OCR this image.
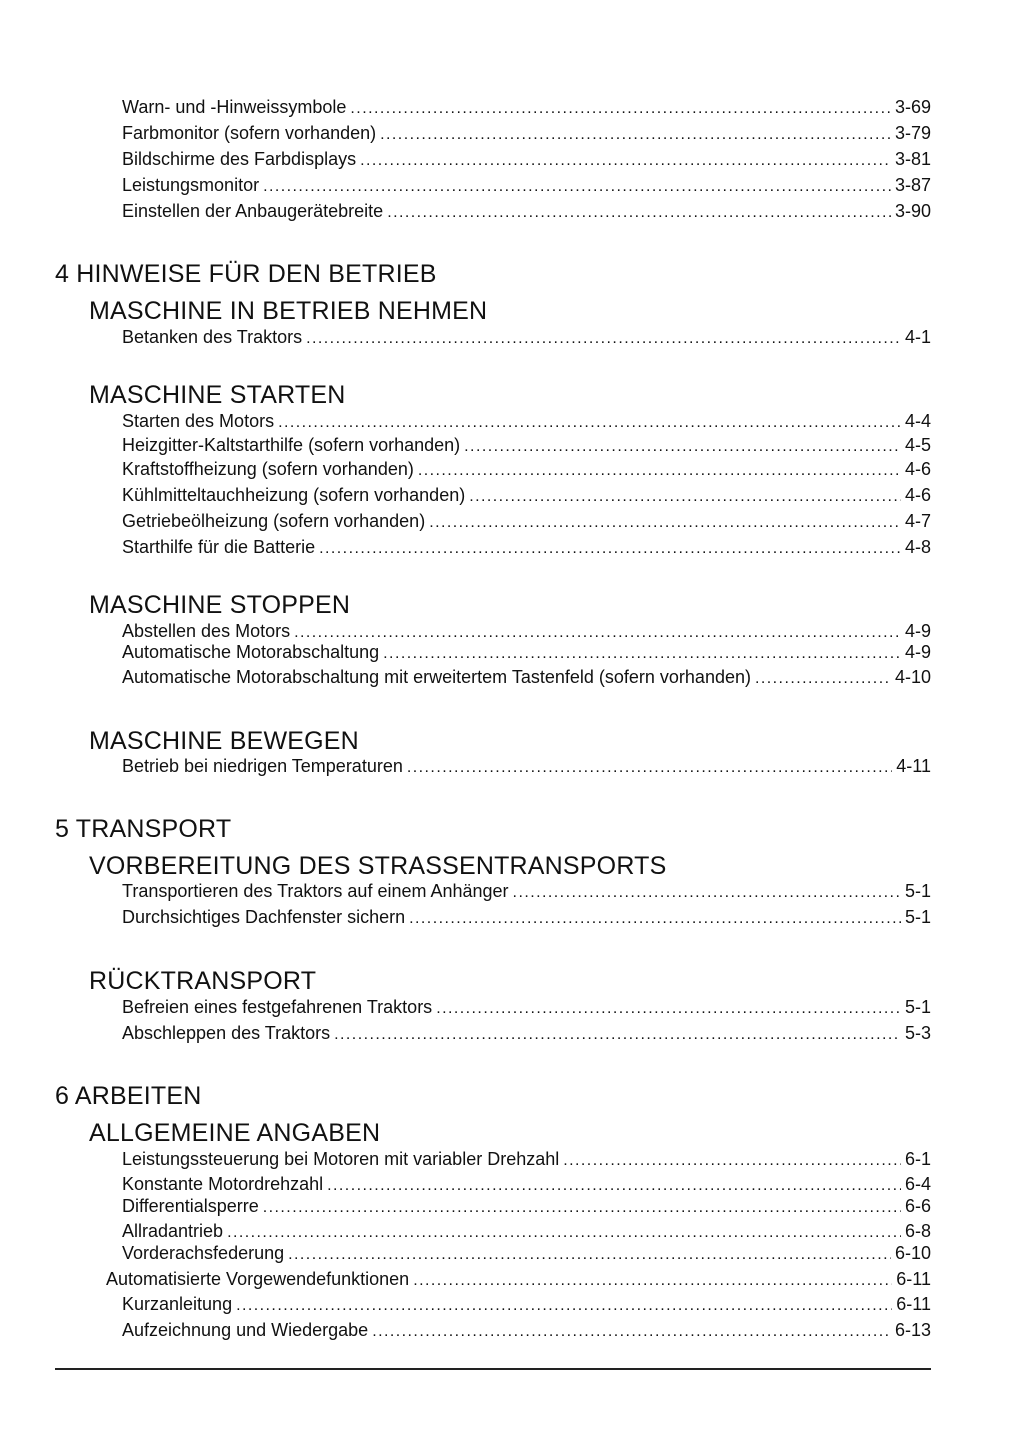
Warn- und -Hinweissymbole . . .	3-69
Farbmonitor (sofern vorhanden) . . .	3-79
Bildschirme des Farbdisplays . . .	3-81
Leistungsmonitor . . .	3-87
Einstellen der Anbaugerätebreite . . .	3-90
4 HINWEISE FÜR DEN BETRIEB
MASCHINE IN BETRIEB NEHMEN
Betanken des Traktors . . .	4-1
MASCHINE STARTEN
Starten des Motors . . .	4-4
Heizgitter-Kaltstarthilfe (sofern vorhanden) . . .	4-5
Kraftstoffheizung (sofern vorhanden) . . .	4-6
Kühlmitteltauchheizung (sofern vorhanden) . . .	4-6
Getriebeölheizung (sofern vorhanden) . . .	4-7
Starthilfe für die Batterie . . .	4-8
MASCHINE STOPPEN
Abstellen des Motors . . .	4-9
Automatische Motorabschaltung . . .	4-9
Automatische Motorabschaltung mit erweitertem Tastenfeld (sofern vorhanden) . . .	4-10
MASCHINE BEWEGEN
Betrieb bei niedrigen Temperaturen . . .	4-11
5 TRANSPORT
VORBEREITUNG DES STRASSENTRANSPORTS
Transportieren des Traktors auf einem Anhänger . . .	5-1
Durchsichtiges Dachfenster sichern . . .	5-1
RÜCKTRANSPORT
Befreien eines festgefahrenen Traktors . . .	5-1
Abschleppen des Traktors . . .	5-3
6 ARBEITEN
ALLGEMEINE ANGABEN
Leistungssteuerung bei Motoren mit variabler Drehzahl . . .	6-1
Konstante Motordrehzahl . . .	6-4
Differentialsperre . . .	6-6
Allradantrieb . . .	6-8
Vorderachsfederung . . .	6-10
Automatisierte Vorgewendefunktionen . . .	6-11
Kurzanleitung . . .	6-11
Aufzeichnung und Wiedergabe . . .	6-13
